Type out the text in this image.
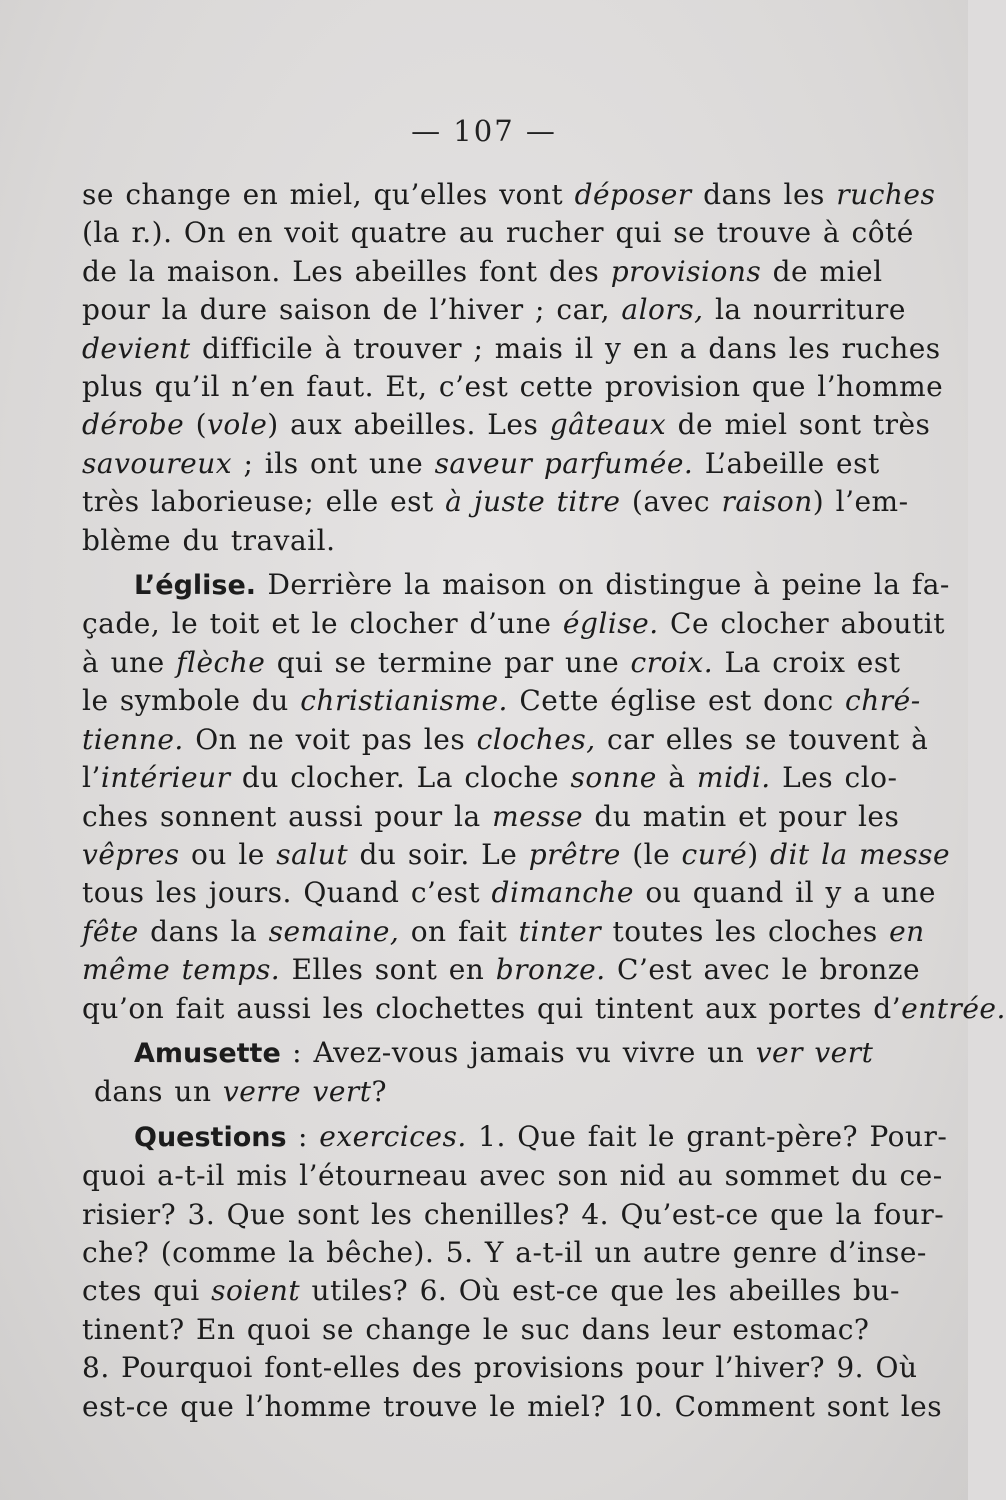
— 107 —
se change en miel, qu’elles vont déposer dans les ruches
(la r.). On en voit quatre au rucher qui se trouve à côté
de la maison. Les abeilles font des provisions de miel
pour la dure saison de l’hiver ; car, alors, la nourriture
devient difficile à trouver ; mais il y en a dans les ruches
plus qu’il n’en faut. Et, c’est cette provision que l’homme
dérobe (vole) aux abeilles. Les gâteaux de miel sont très
savoureux ; ils ont une saveur parfumée. L’abeille est
très laborieuse; elle est à juste titre (avec raison) l’em-
blème du travail.
L’église. Derrière la maison on distingue à peine la fa-
çade, le toit et le clocher d’une église. Ce clocher aboutit
à une flèche qui se termine par une croix. La croix est
le symbole du christianisme. Cette église est donc chré-
tienne. On ne voit pas les cloches, car elles se touvent à
l’intérieur du clocher. La cloche sonne à midi. Les clo-
ches sonnent aussi pour la messe du matin et pour les
vêpres ou le salut du soir. Le prêtre (le curé) dit la messe
tous les jours. Quand c’est dimanche ou quand il y a une
fête dans la semaine, on fait tinter toutes les cloches en
même temps. Elles sont en bronze. C’est avec le bronze
qu’on fait aussi les clochettes qui tintent aux portes d’entrée.
Amusette : Avez-vous jamais vu vivre un ver vert
dans un verre vert?
Questions : exercices. 1. Que fait le grant-père? Pour-
quoi a-t-il mis l’étourneau avec son nid au sommet du ce-
risier? 3. Que sont les chenilles? 4. Qu’est-ce que la four-
che? (comme la bêche). 5. Y a-t-il un autre genre d’inse-
ctes qui soient utiles? 6. Où est-ce que les abeilles bu-
tinent? En quoi se change le suc dans leur estomac?
8. Pourquoi font-elles des provisions pour l’hiver? 9. Où
est-ce que l’homme trouve le miel? 10. Comment sont les
